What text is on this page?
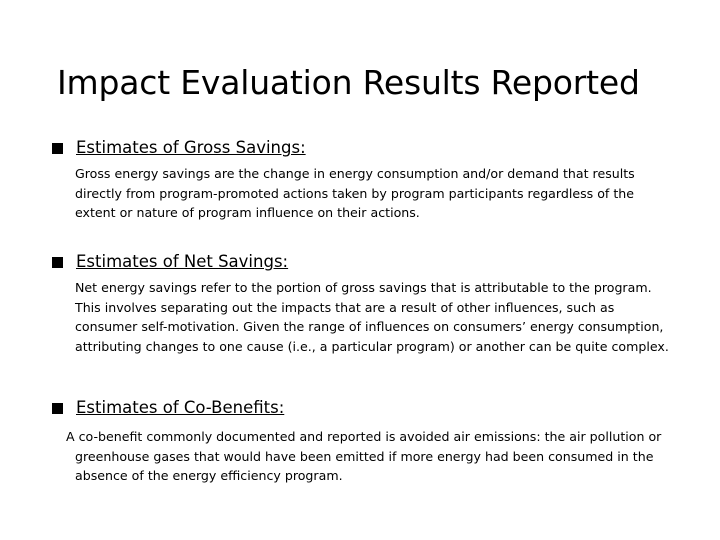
Impact Evaluation Results Reported
Estimates of Gross Savings:
Gross energy savings are the change in energy consumption and/or demand that results directly from program-promoted actions taken by program participants regardless of the extent or nature of program influence on their actions.
Estimates of Net Savings:
Net energy savings refer to the portion of gross savings that is attributable to the program. This involves separating out the impacts that are a result of other influences, such as consumer self-motivation. Given the range of influences on consumers’ energy consumption, attributing changes to one cause (i.e., a particular program) or another can be quite complex.
Estimates of Co-Benefits:
A co-benefit commonly documented and reported is avoided air emissions: the air pollution or greenhouse gases that would have been emitted if more energy had been consumed in the absence of the energy efficiency program.
